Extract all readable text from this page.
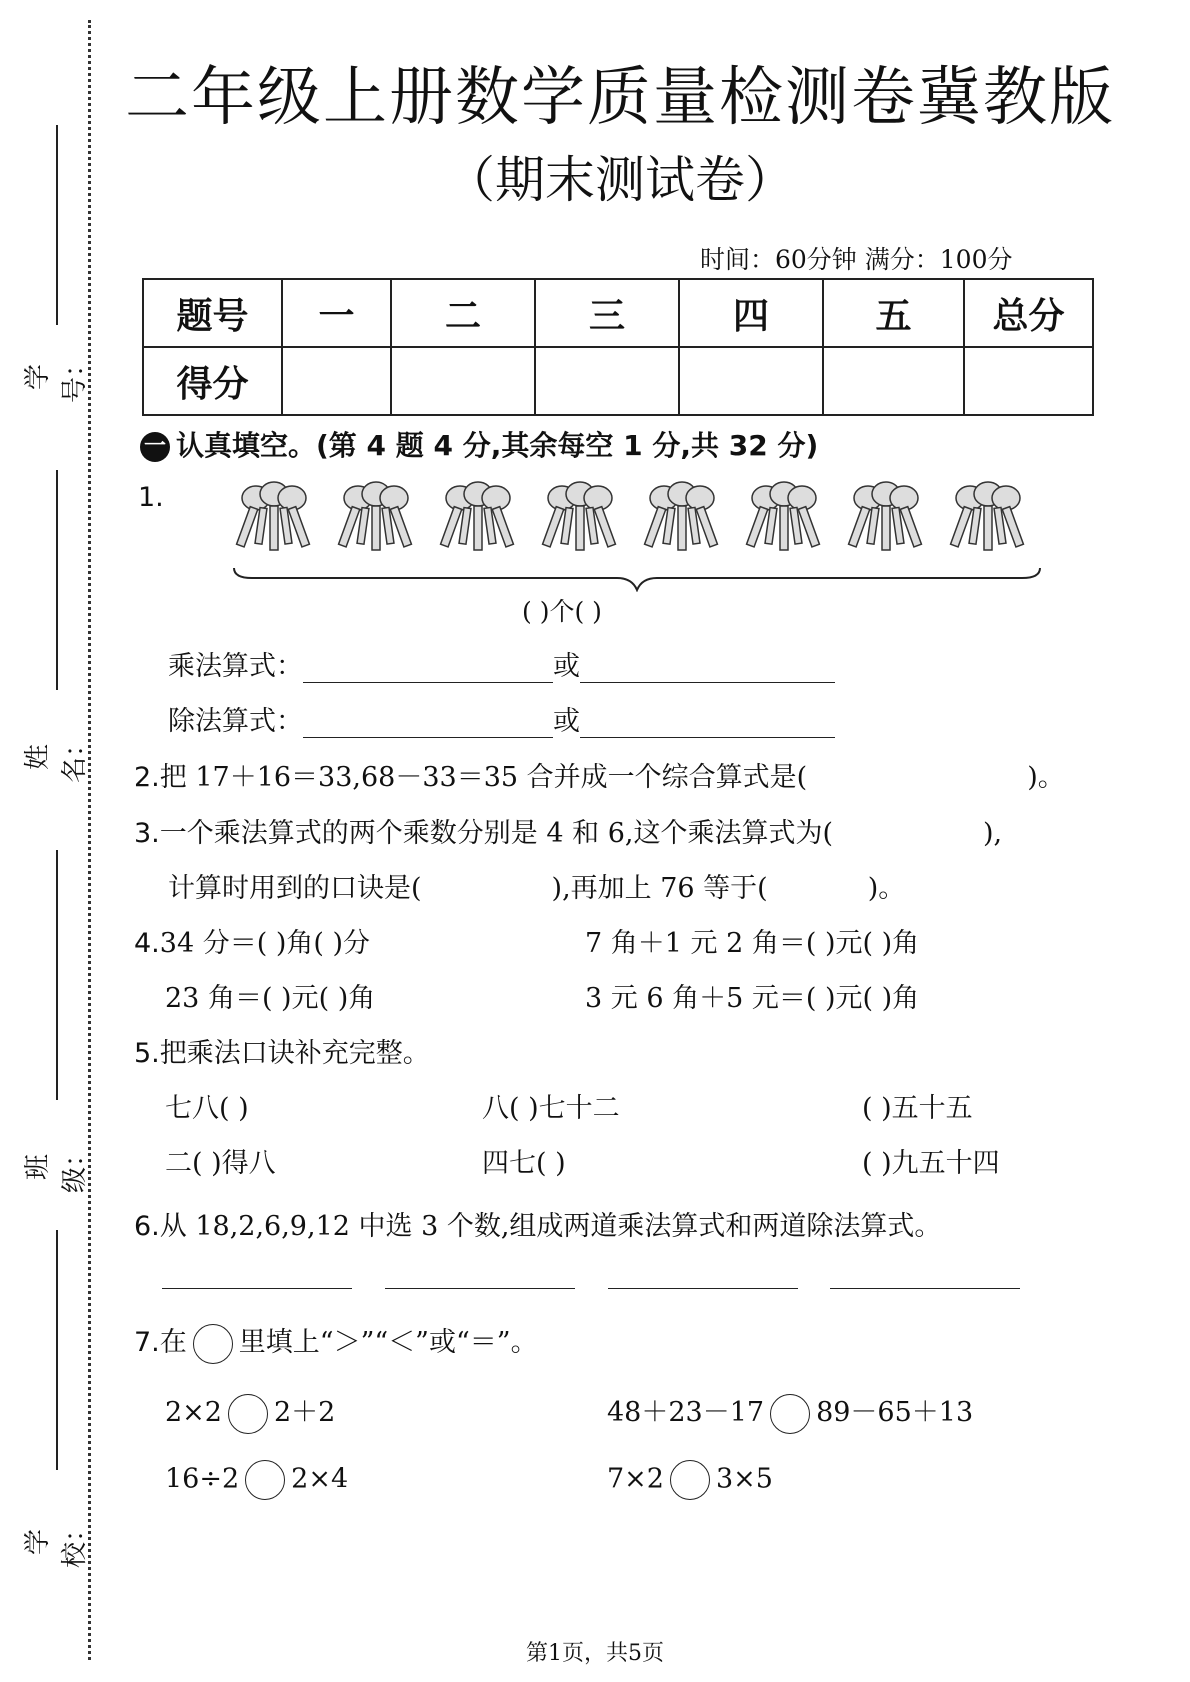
学号：
姓名：
班级：
学校：
二年级上册数学质量检测卷冀教版
（期末测试卷）
时间：60分钟 满分：100分
题号	一	二	三	四	五	总分
得分						
一 认真填空。(第 4 题 4 分,其余每空 1 分,共 32 分)
1.
( )个( )
乘法算式：	或
除法算式：	或
2.把 17＋16＝33,68－33＝35 合并成一个综合算式是(	)。
3.一个乘法算式的两个乘数分别是 4 和 6,这个乘法算式为(	),
计算时用到的口诀是(	),再加上 76 等于(	)。
4.34 分＝( )角( )分	7 角＋1 元 2 角＝( )元( )角
23 角＝( )元( )角	3 元 6 角＋5 元＝( )元( )角
5.把乘法口诀补充完整。
七八( )	八( )七十二	( )五十五
二( )得八	四七( )	( )九五十四
6.从 18,2,6,9,12 中选 3 个数,组成两道乘法算式和两道除法算式。
7.在 里填上“＞”“＜”或“＝”。
2×2 2＋2	48＋23－17 89－65＋13
16÷2 2×4	7×2 3×5
第1页，共5页
